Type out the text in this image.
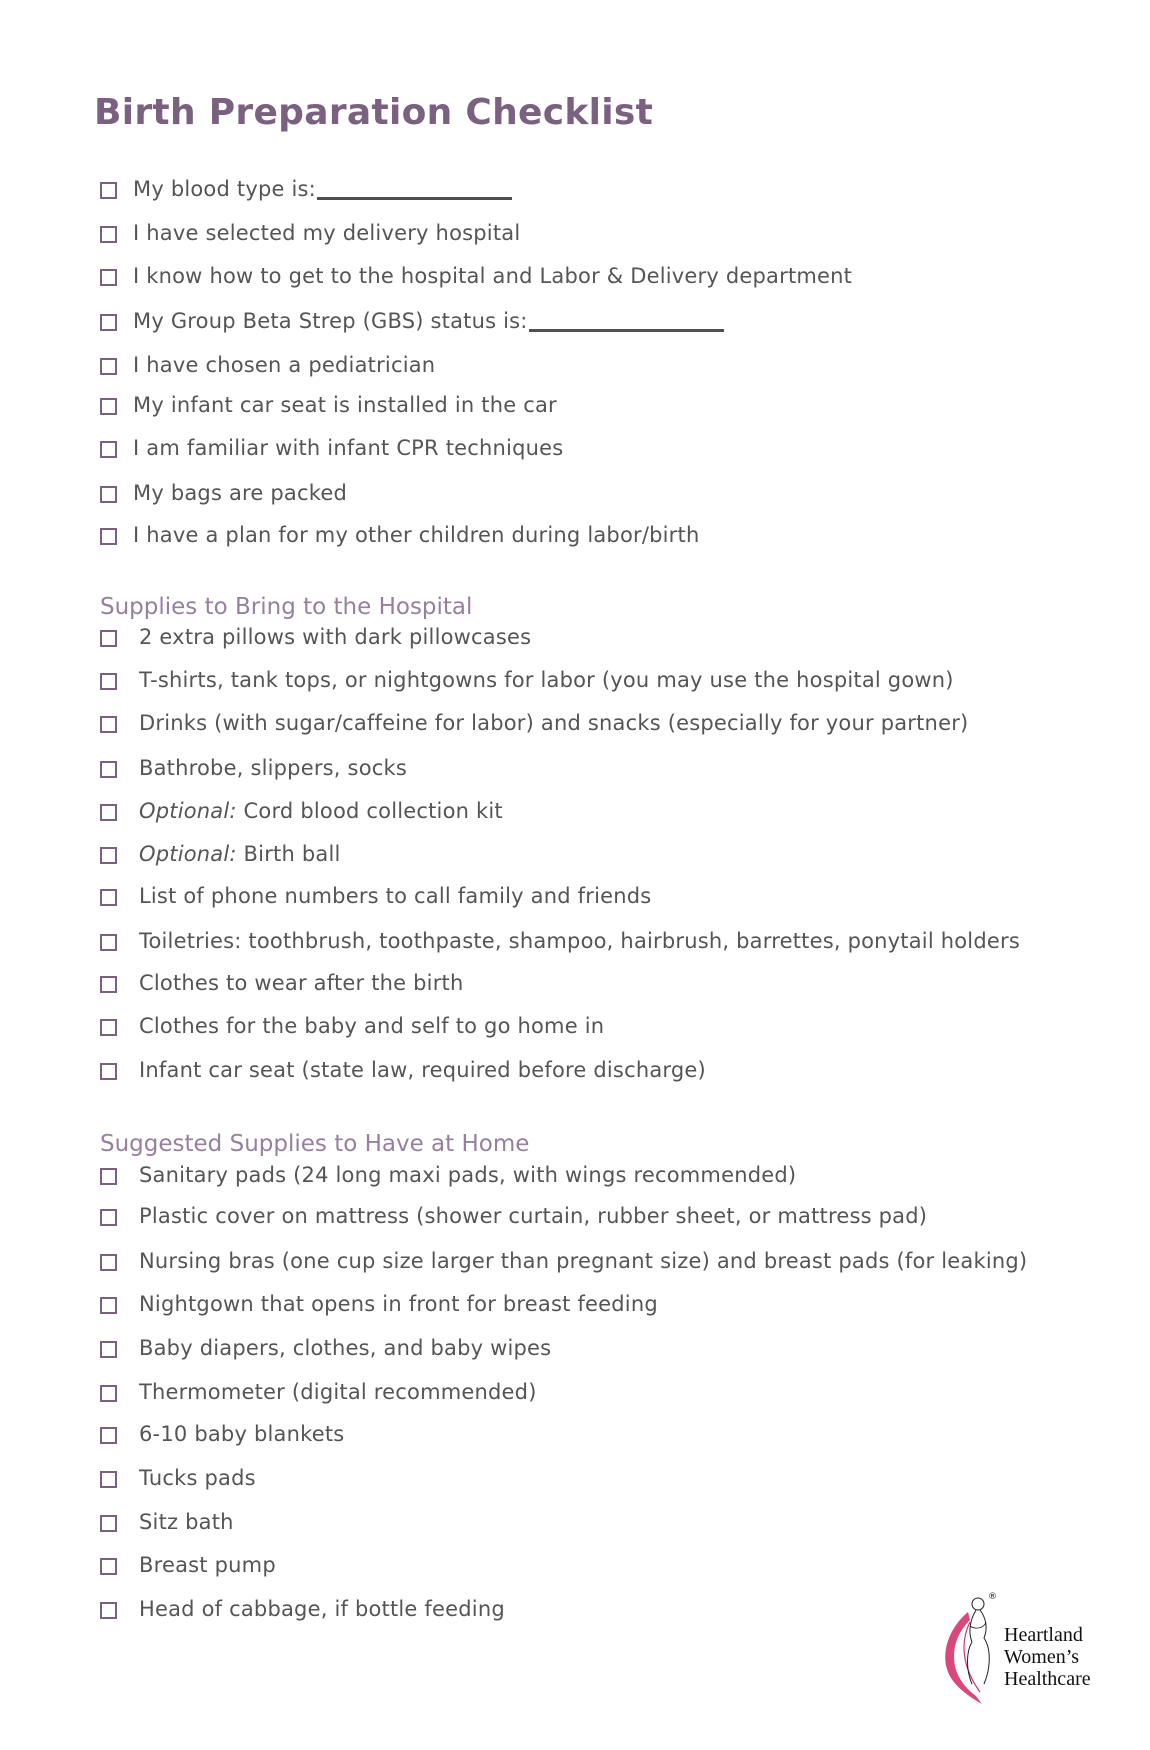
Birth Preparation Checklist
My blood type is:
I have selected my delivery hospital
I know how to get to the hospital and Labor & Delivery department
My Group Beta Strep (GBS) status is:
I have chosen a pediatrician
My infant car seat is installed in the car
I am familiar with infant CPR techniques
My bags are packed
I have a plan for my other children during labor/birth
Supplies to Bring to the Hospital
2 extra pillows with dark pillowcases
T-shirts, tank tops, or nightgowns for labor (you may use the hospital gown)
Drinks (with sugar/caffeine for labor) and snacks (especially for your partner)
Bathrobe, slippers, socks
Optional: Cord blood collection kit
Optional: Birth ball
List of phone numbers to call family and friends
Toiletries: toothbrush, toothpaste, shampoo, hairbrush, barrettes, ponytail holders
Clothes to wear after the birth
Clothes for the baby and self to go home in
Infant car seat (state law, required before discharge)
Suggested Supplies to Have at Home
Sanitary pads (24 long maxi pads, with wings recommended)
Plastic cover on mattress (shower curtain, rubber sheet, or mattress pad)
Nursing bras (one cup size larger than pregnant size) and breast pads (for leaking)
Nightgown that opens in front for breast feeding
Baby diapers, clothes, and baby wipes
Thermometer (digital recommended)
6-10 baby blankets
Tucks pads
Sitz bath
Breast pump
Head of cabbage, if bottle feeding	®
Heartland
Women’s
Healthcare
